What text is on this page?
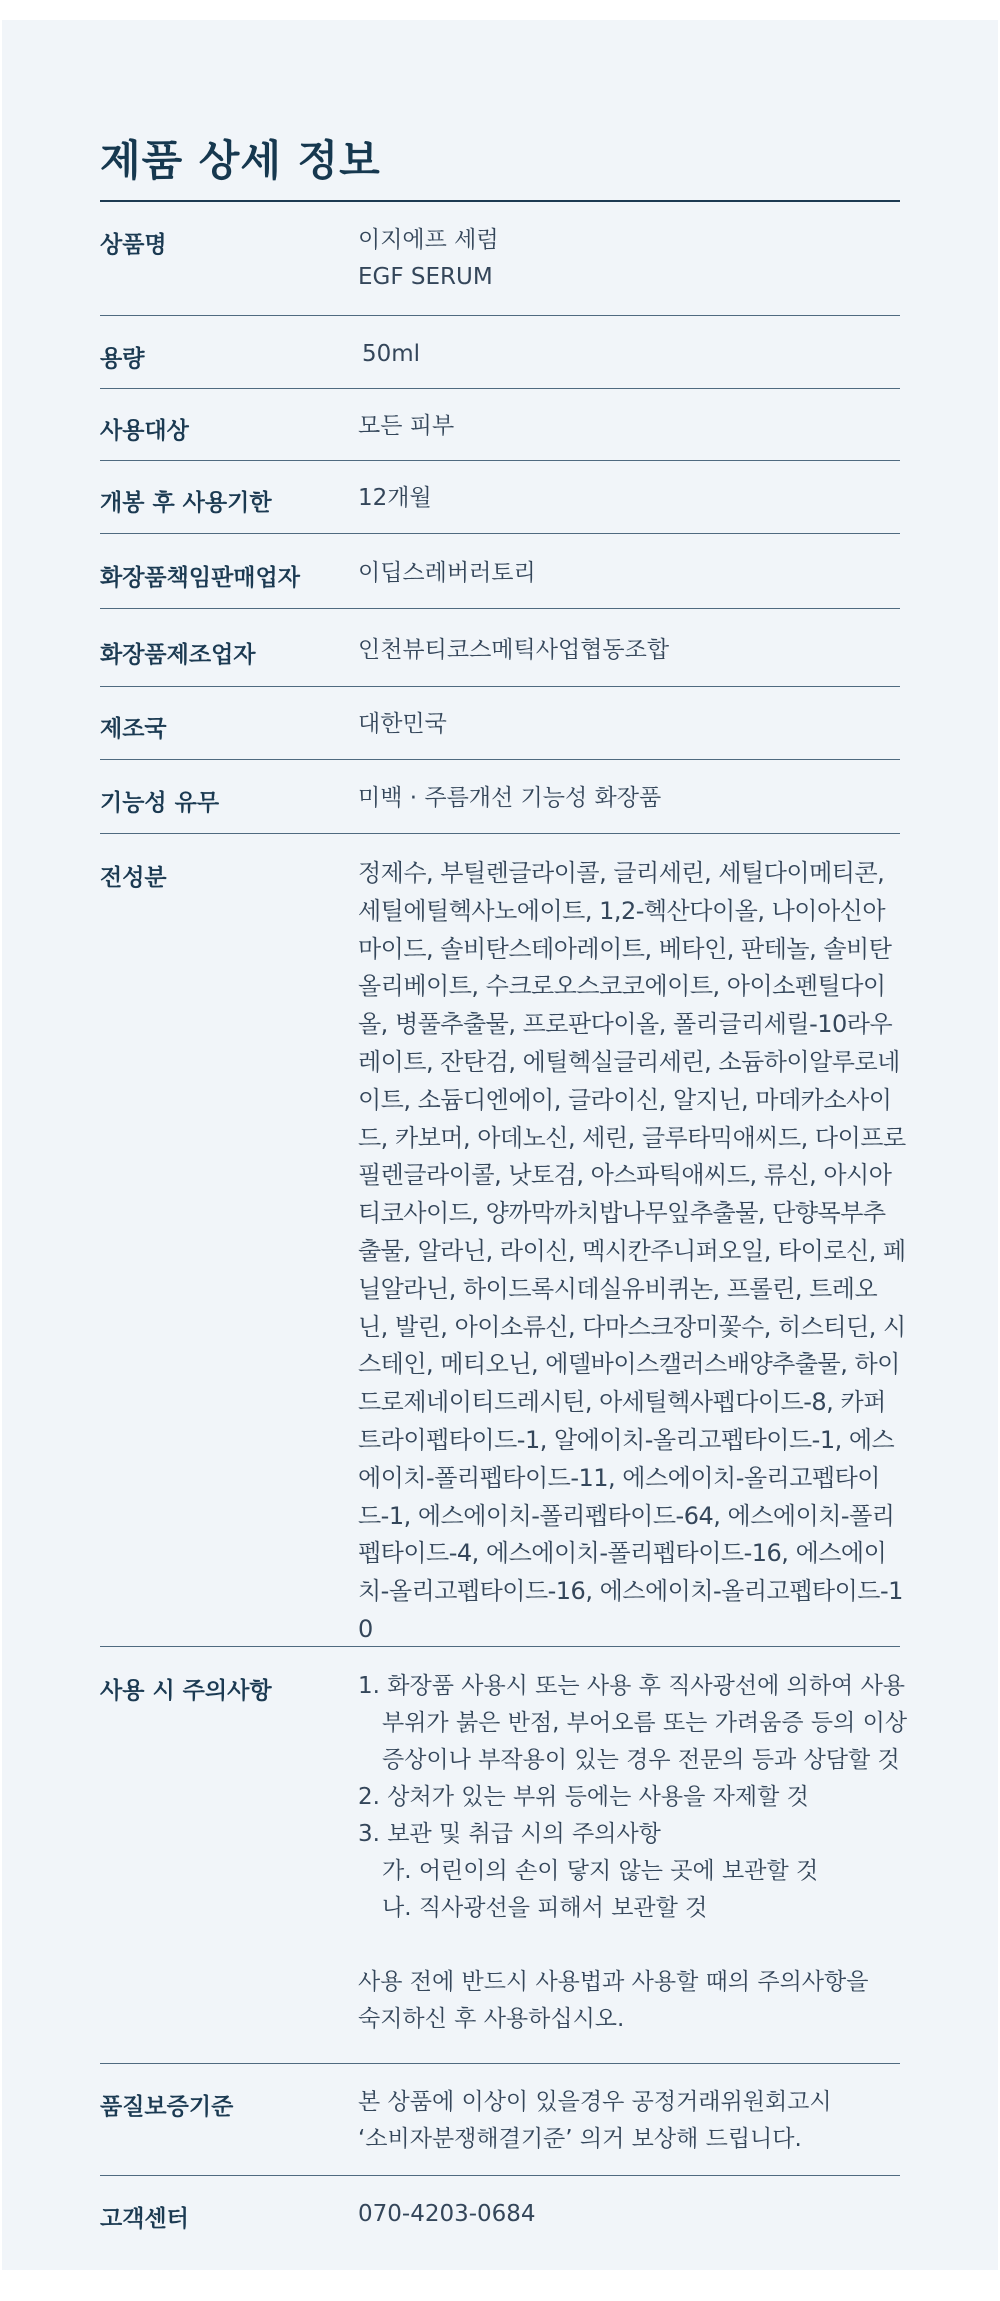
제품 상세 정보
상품명	이지에프 세럼
EGF SERUM
용량	50ml
사용대상	모든 피부
개봉 후 사용기한	12개월
화장품책임판매업자	이딥스레버러토리
화장품제조업자	인천뷰티코스메틱사업협동조합
제조국	대한민국
기능성 유무	미백 · 주름개선 기능성 화장품
전성분	정제수, 부틸렌글라이콜, 글리세린, 세틸다이메티콘, 세틸에틸헥사노에이트, 1,2-헥산다이올, 나이아신아마이드, 솔비탄스테아레이트, 베타인, 판테놀, 솔비탄올리베이트, 수크로오스코코에이트, 아이소펜틸다이올, 병풀추출물, 프로판다이올, 폴리글리세릴-10라우레이트, 잔탄검, 에틸헥실글리세린, 소듐하이알루로네이트, 소듐디엔에이, 글라이신, 알지닌, 마데카소사이드, 카보머, 아데노신, 세린, 글루타믹애씨드, 다이프로필렌글라이콜, 낫토검, 아스파틱애씨드, 류신, 아시아티코사이드, 양까막까치밥나무잎추출물, 단향목부추출물, 알라닌, 라이신, 멕시칸주니퍼오일, 타이로신, 페닐알라닌, 하이드록시데실유비퀴논, 프롤린, 트레오닌, 발린, 아이소류신, 다마스크장미꽃수, 히스티딘, 시스테인, 메티오닌, 에델바이스캘러스배양추출물, 하이드로제네이티드레시틴, 아세틸헥사펩다이드-8, 카퍼트라이펩타이드-1, 알에이치-올리고펩타이드-1, 에스에이치-폴리펩타이드-11, 에스에이치-올리고펩타이드-1, 에스에이치-폴리펩타이드-64, 에스에이치-폴리펩타이드-4, 에스에이치-폴리펩타이드-16, 에스에이치-올리고펩타이드-16, 에스에이치-올리고펩타이드-10
사용 시 주의사항	1. 화장품 사용시 또는 사용 후 직사광선에 의하여 사용
부위가 붉은 반점, 부어오름 또는 가려움증 등의 이상
증상이나 부작용이 있는 경우 전문의 등과 상담할 것
2. 상처가 있는 부위 등에는 사용을 자제할 것
3. 보관 및 취급 시의 주의사항
가. 어린이의 손이 닿지 않는 곳에 보관할 것
나. 직사광선을 피해서 보관할 것
사용 전에 반드시 사용법과 사용할 때의 주의사항을
숙지하신 후 사용하십시오.
품질보증기준	본 상품에 이상이 있을경우 공정거래위원회고시
‘소비자분쟁해결기준’ 의거 보상해 드립니다.
고객센터	070-4203-0684
